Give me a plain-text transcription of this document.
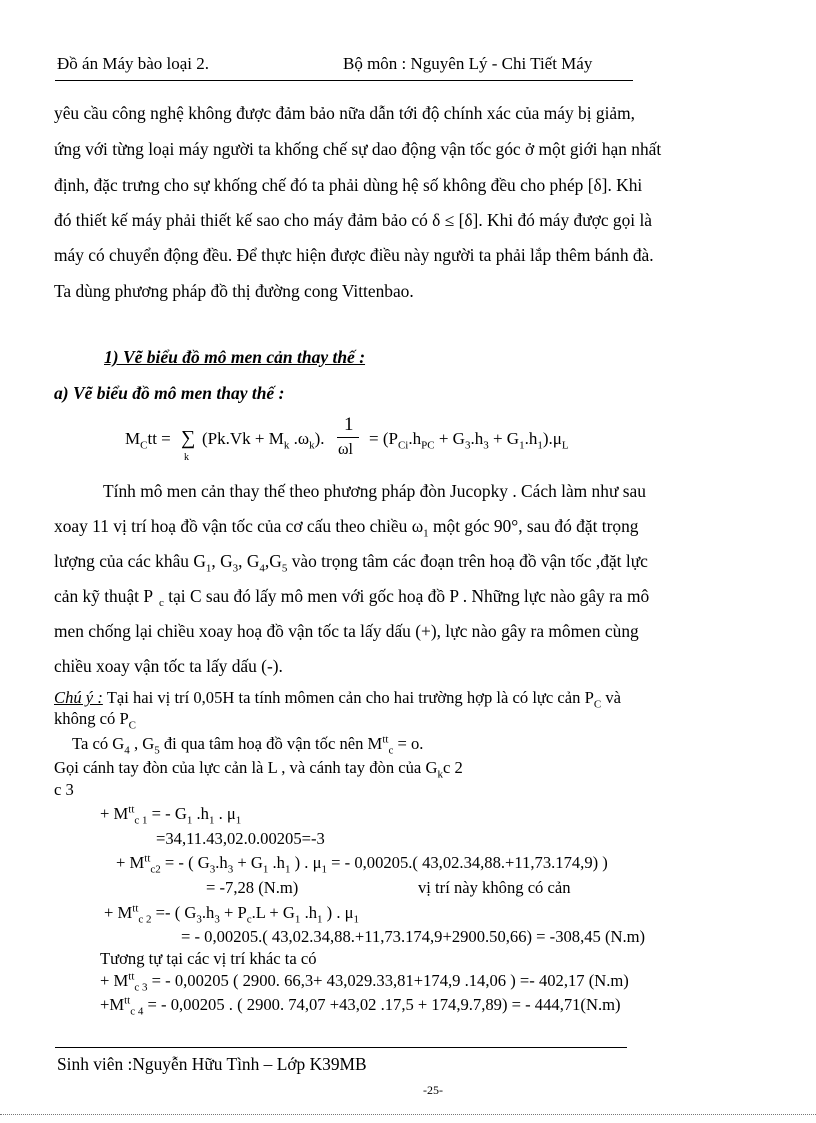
Đồ án Máy bào loại 2.	Bộ môn : Nguyên Lý - Chi Tiết Máy
yêu cầu công nghệ không được đảm bảo nữa dẫn tới độ chính xác của máy bị giảm,
ứng với từng loại máy người ta khống chế sự dao động vận tốc góc ở một giới hạn nhất
định, đặc trưng cho sự khống chế đó ta phải dùng hệ số không đều cho phép [δ]. Khi
đó thiết kế máy phải thiết kế sao cho máy đảm bảo có δ ≤ [δ]. Khi đó máy được gọi là
máy có chuyển động đều. Để thực hiện được điều này người ta phải lắp thêm bánh đà.
Ta dùng phương pháp đồ thị đường cong Vittenbao.
1) Vẽ biểu đồ mô men cản thay thế :
a) Vẽ biểu đồ mô men thay thế :
$M_Ctt$ = ∑
k
($Pk.Vk + M_k$ $.\omega_k$).
1
ωl
= $(P_{Ci}.h_{PC} + G_3.h_3 + G_1.h_1).\mu_L$
Tính mô men cản thay thế theo phương pháp đòn Jucopky . Cách làm như sau
xoay 11 vị trí hoạ đồ vận tốc của cơ cấu theo chiều $\omega_1$ một góc 90°, sau đó đặt trọng
lượng của các khâu $G_1$, $G_3$, $G_4,G_5$ vào trọng tâm các đoạn trên hoạ đồ vận tốc ,đặt lực
cản kỹ thuật P $_c$ tại C sau đó lấy mô men với gốc hoạ đồ P . Những lực nào gây ra mô
men chống lại chiều xoay hoạ đồ vận tốc ta lấy dấu (+), lực nào gây ra mômen cùng
chiều xoay vận tốc ta lấy dấu (-).
Chú ý : Tại hai vị trí 0,05H ta tính mômen cản cho hai trường hợp là có lực cản $P_C$ và
không có $P_C$
Ta có $G_4$ , $G_5$ đi qua tâm hoạ đồ vận tốc nên $M^{tt}_c = o$.
Gọi cánh tay đòn của lực cản là L , và cánh tay đòn của $G_kc$ 2
c 3
+ $M^{tt}_{c 1}$ = - $G_1$ $.h_1$ . $\mu_1$
=34,11.43,02.0.00205=-3
+ $M^{tt}_{c2}$ = - ( $G_3.h_3 + G_1$ $.h_1$ ) . $\mu_1$ = - 0,00205.( 43,02.34,88.+11,73.174,9) )
= -7,28 (N.m)	vị trí này không có cản
+ $M^{tt}_{c 2}$ =- ( $G_3.h_3 + P_c.L + G_1$ $.h_1$ ) . $\mu_1$
= - 0,00205.( 43,02.34,88.+11,73.174,9+2900.50,66) = -308,45 (N.m)
Tương tự tại các vị trí khác ta có
+ $M^{tt}_{c 3}$ = - 0,00205 ( 2900. 66,3+ 43,029.33,81+174,9 .14,06 ) =- 402,17 (N.m)
$+M^{tt}_{c 4}$ = - 0,00205 . ( 2900. 74,07 +43,02 .17,5 + 174,9.7,89) = - 444,71(N.m)
Sinh viên :Nguyễn Hữu Tình – Lớp K39MB
-25-
